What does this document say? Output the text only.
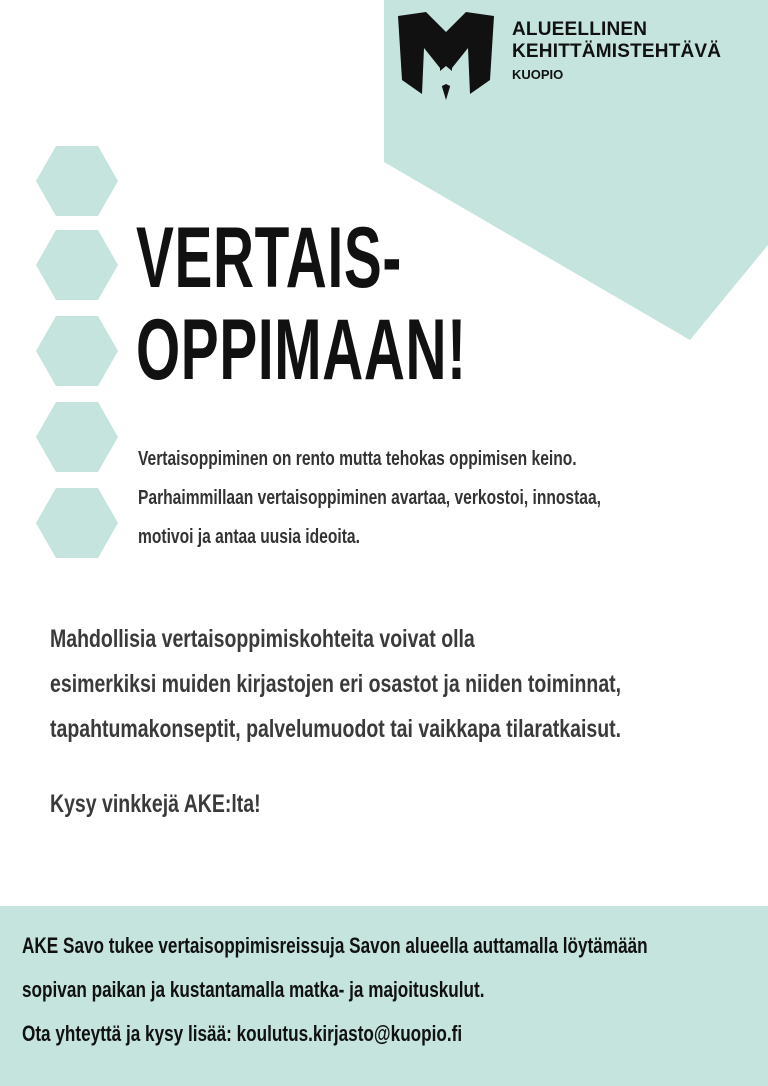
ALUEELLINEN
KEHITTÄMISTEHTÄVÄ
KUOPIO
VERTAIS-
OPPIMAAN!

Vertaisoppiminen on rento mutta tehokas oppimisen keino.
Parhaimmillaan vertaisoppiminen avartaa, verkostoi, innostaa,
motivoi ja antaa uusia ideoita.

Mahdollisia vertaisoppimiskohteita voivat olla
esimerkiksi muiden kirjastojen eri osastot ja niiden toiminnat,
tapahtumakonseptit, palvelumuodot tai vaikkapa tilaratkaisut.

Kysy vinkkejä AKE:lta!

AKE Savo tukee vertaisoppimisreissuja Savon alueella auttamalla löytämään
sopivan paikan ja kustantamalla matka- ja majoituskulut.
Ota yhteyttä ja kysy lisää: koulutus.kirjasto@kuopio.fi
